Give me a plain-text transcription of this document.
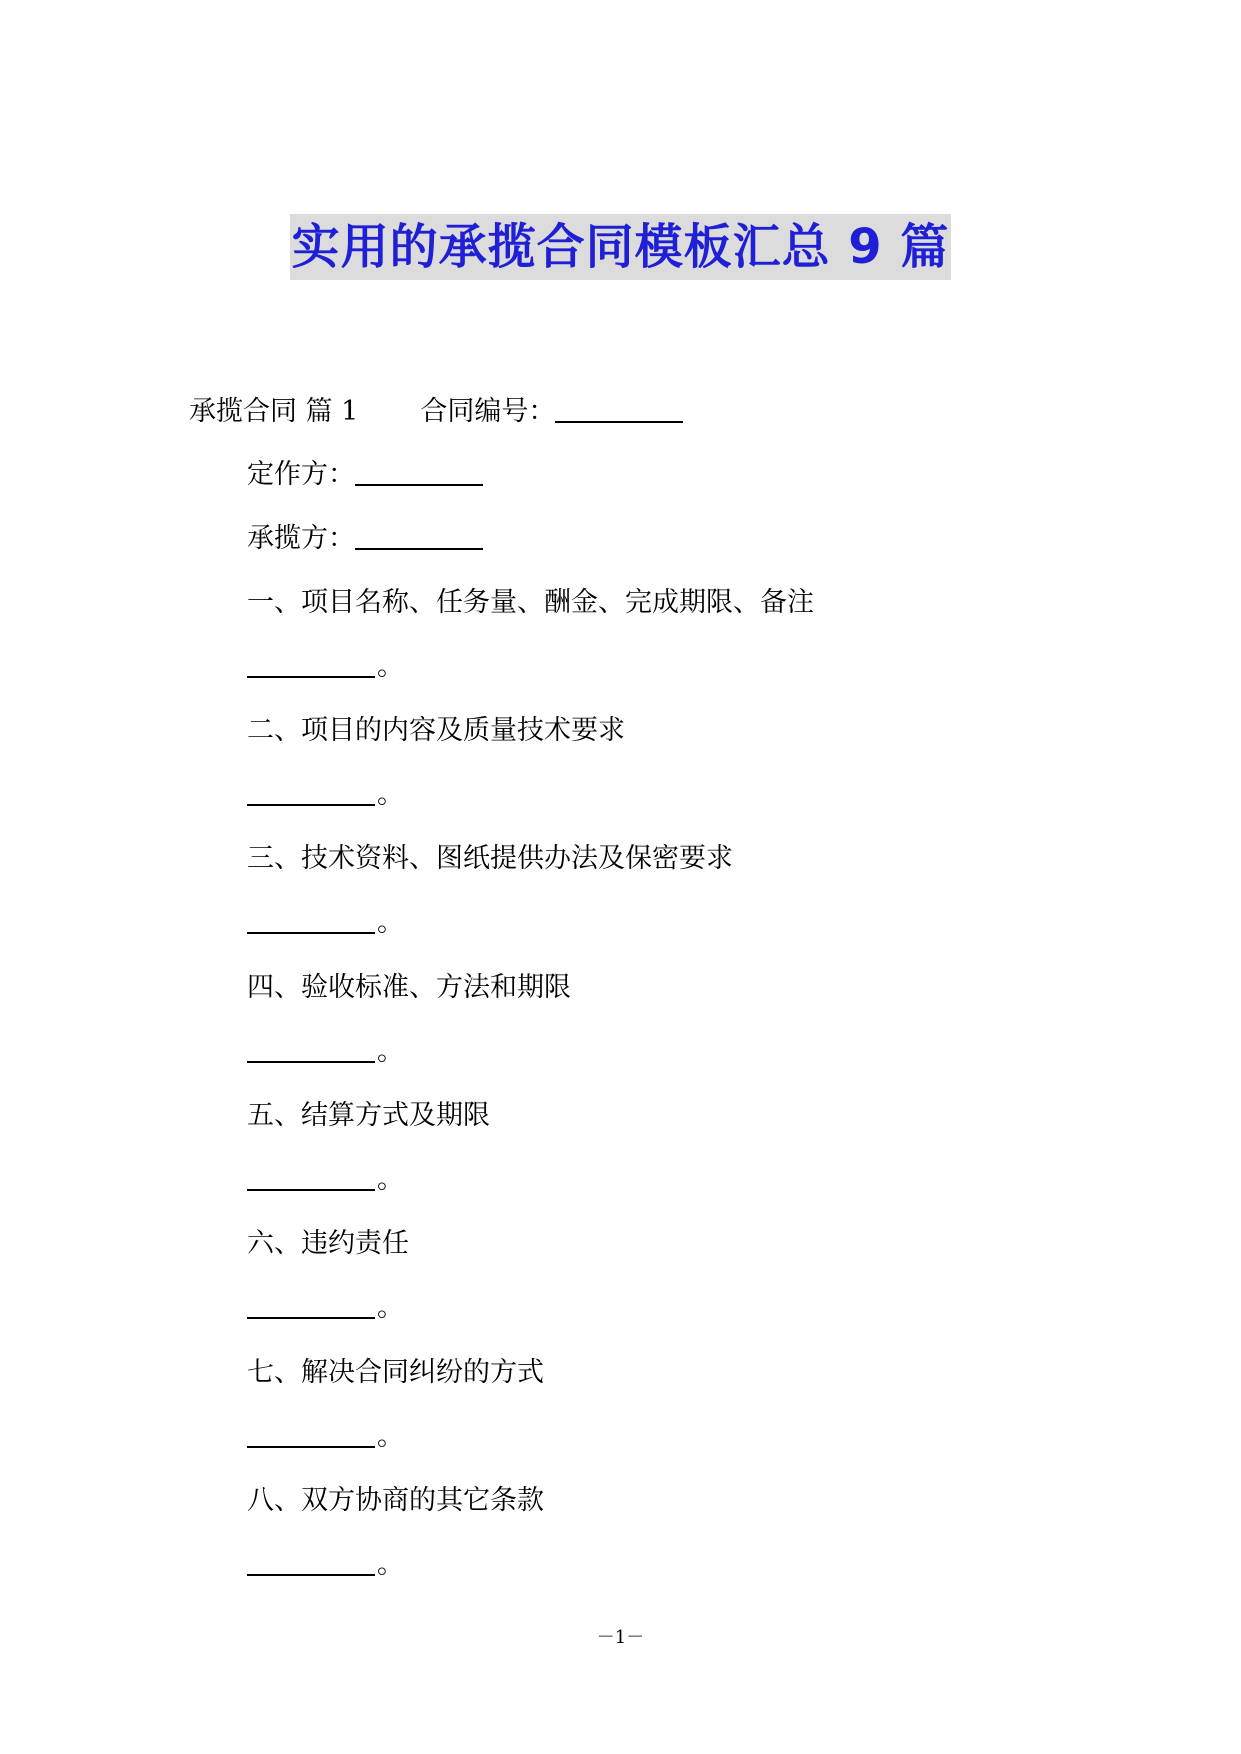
实用的承揽合同模板汇总 9 篇
承揽合同 篇 1 合同编号：
定作方：
承揽方：
一、项目名称、任务量、酬金、完成期限、备注
。
二、项目的内容及质量技术要求
。
三、技术资料、图纸提供办法及保密要求
。
四、验收标准、方法和期限
。
五、结算方式及期限
。
六、违约责任
。
七、解决合同纠纷的方式
。
八、双方协商的其它条款
。
－1－
